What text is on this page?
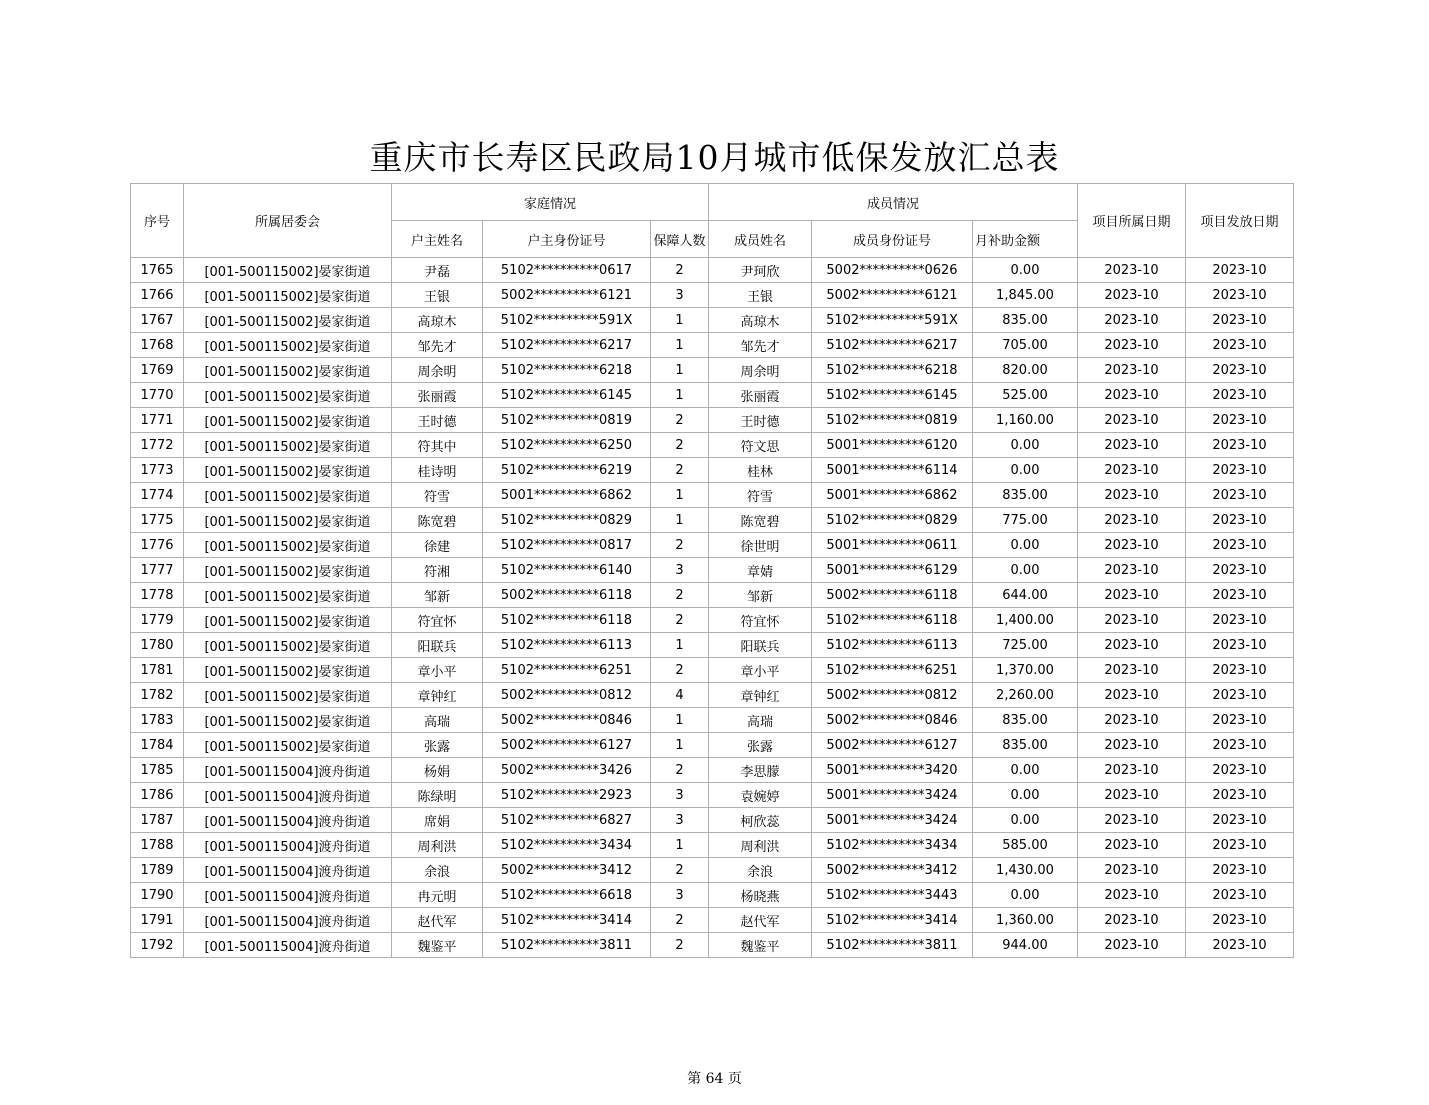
重庆市长寿区民政局10月城市低保发放汇总表
序号	所属居委会	家庭情况			成员情况			项目所属日期	项目发放日期
		户主姓名	户主身份证号	保障人数	成员姓名	成员身份证号	月补助金额		
1765	[001-500115002]晏家街道	尹磊	5102**********0617	2	尹珂欣	5002**********0626	0.00	2023-10	2023-10
1766	[001-500115002]晏家街道	王银	5002**********6121	3	王银	5002**********6121	1,845.00	2023-10	2023-10
1767	[001-500115002]晏家街道	高琼木	5102**********591X	1	高琼木	5102**********591X	835.00	2023-10	2023-10
1768	[001-500115002]晏家街道	邹先才	5102**********6217	1	邹先才	5102**********6217	705.00	2023-10	2023-10
1769	[001-500115002]晏家街道	周余明	5102**********6218	1	周余明	5102**********6218	820.00	2023-10	2023-10
1770	[001-500115002]晏家街道	张丽霞	5102**********6145	1	张丽霞	5102**********6145	525.00	2023-10	2023-10
1771	[001-500115002]晏家街道	王时德	5102**********0819	2	王时德	5102**********0819	1,160.00	2023-10	2023-10
1772	[001-500115002]晏家街道	符其中	5102**********6250	2	符文思	5001**********6120	0.00	2023-10	2023-10
1773	[001-500115002]晏家街道	桂诗明	5102**********6219	2	桂林	5001**********6114	0.00	2023-10	2023-10
1774	[001-500115002]晏家街道	符雪	5001**********6862	1	符雪	5001**********6862	835.00	2023-10	2023-10
1775	[001-500115002]晏家街道	陈宽碧	5102**********0829	1	陈宽碧	5102**********0829	775.00	2023-10	2023-10
1776	[001-500115002]晏家街道	徐建	5102**********0817	2	徐世明	5001**********0611	0.00	2023-10	2023-10
1777	[001-500115002]晏家街道	符湘	5102**********6140	3	章婧	5001**********6129	0.00	2023-10	2023-10
1778	[001-500115002]晏家街道	邹新	5002**********6118	2	邹新	5002**********6118	644.00	2023-10	2023-10
1779	[001-500115002]晏家街道	符宜怀	5102**********6118	2	符宜怀	5102**********6118	1,400.00	2023-10	2023-10
1780	[001-500115002]晏家街道	阳联兵	5102**********6113	1	阳联兵	5102**********6113	725.00	2023-10	2023-10
1781	[001-500115002]晏家街道	章小平	5102**********6251	2	章小平	5102**********6251	1,370.00	2023-10	2023-10
1782	[001-500115002]晏家街道	章钟红	5002**********0812	4	章钟红	5002**********0812	2,260.00	2023-10	2023-10
1783	[001-500115002]晏家街道	高瑞	5002**********0846	1	高瑞	5002**********0846	835.00	2023-10	2023-10
1784	[001-500115002]晏家街道	张露	5002**********6127	1	张露	5002**********6127	835.00	2023-10	2023-10
1785	[001-500115004]渡舟街道	杨娟	5002**********3426	2	李思朦	5001**********3420	0.00	2023-10	2023-10
1786	[001-500115004]渡舟街道	陈绿明	5102**********2923	3	袁婉婷	5001**********3424	0.00	2023-10	2023-10
1787	[001-500115004]渡舟街道	席娟	5102**********6827	3	柯欣蕊	5001**********3424	0.00	2023-10	2023-10
1788	[001-500115004]渡舟街道	周利洪	5102**********3434	1	周利洪	5102**********3434	585.00	2023-10	2023-10
1789	[001-500115004]渡舟街道	余浪	5002**********3412	2	余浪	5002**********3412	1,430.00	2023-10	2023-10
1790	[001-500115004]渡舟街道	冉元明	5102**********6618	3	杨晓燕	5102**********3443	0.00	2023-10	2023-10
1791	[001-500115004]渡舟街道	赵代军	5102**********3414	2	赵代军	5102**********3414	1,360.00	2023-10	2023-10
1792	[001-500115004]渡舟街道	魏鉴平	5102**********3811	2	魏鉴平	5102**********3811	944.00	2023-10	2023-10
第 64 页
